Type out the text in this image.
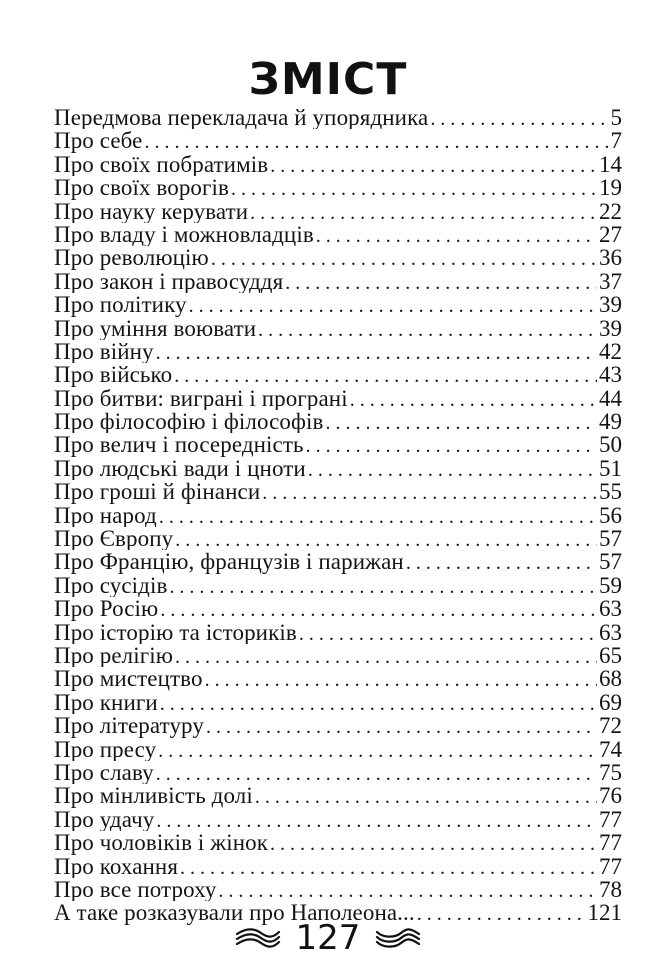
ЗМІСТ
Передмова перекладача й упорядника . . .	5
Про себе . . .	7
Про своїх побратимів . . .	14
Про своїх ворогів . . .	19
Про науку керувати . . .	22
Про владу і можновладців . . .	27
Про революцію . . .	36
Про закон і правосуддя . . .	37
Про політику . . .	39
Про уміння воювати . . .	39
Про війну . . .	42
Про військо . . .	43
Про битви: виграні і програні . . .	44
Про філософію і філософів . . .	49
Про велич і посередність . . .	50
Про людські вади і цноти . . .	51
Про гроші й фінанси . . .	55
Про народ . . .	56
Про Європу . . .	57
Про Францію, французів і парижан . . .	57
Про сусідів . . .	59
Про Росію . . .	63
Про історію та істориків . . .	63
Про релігію . . .	65
Про мистецтво . . .	68
Про книги . . .	69
Про літературу . . .	72
Про пресу . . .	74
Про славу . . .	75
Про мінливість долі . . .	76
Про удачу . . .	77
Про чоловіків і жінок . . .	77
Про кохання . . .	77
Про все потроху . . .	78
А таке розказували про Наполеона... . . .	121
127
